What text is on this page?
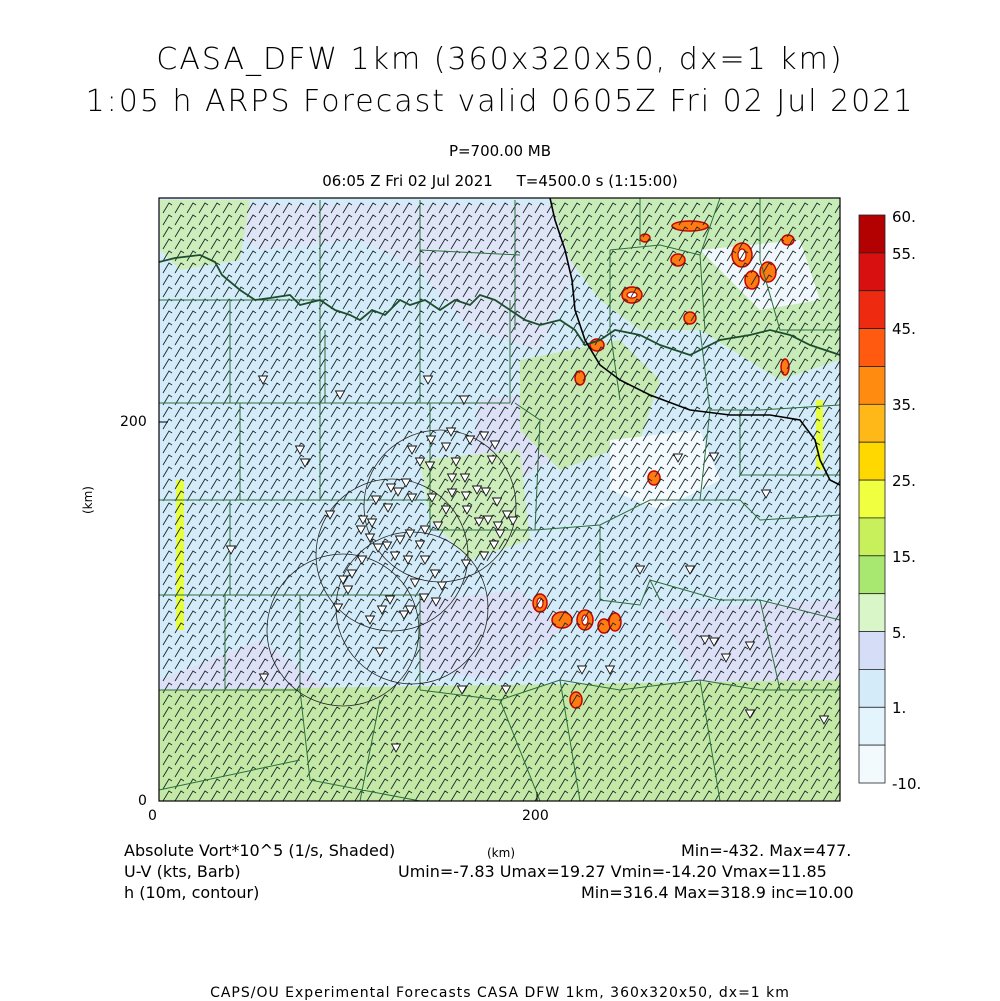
CASA_DFW 1km (360x320x50, dx=1 km)
1:05 h ARPS Forecast valid 0605Z Fri 02 Jul 2021
P=700.00 MB
06:05 Z Fri 02 Jul 2021     T=4500.0 s (1:15:00)
0	200
0
200
(km)
60.
55.
45.
35.
25.
15.
5.
1.
-10.
Absolute Vort*10^5 (1/s, Shaded)
U-V (kts, Barb)
h (10m, contour)
(km)	Min=-432. Max=477.
Umin=-7.83 Umax=19.27 Vmin=-14.20 Vmax=11.85
Min=316.4 Max=318.9 inc=10.00
CAPS/OU Experimental Forecasts CASA DFW 1km, 360x320x50, dx=1 km
